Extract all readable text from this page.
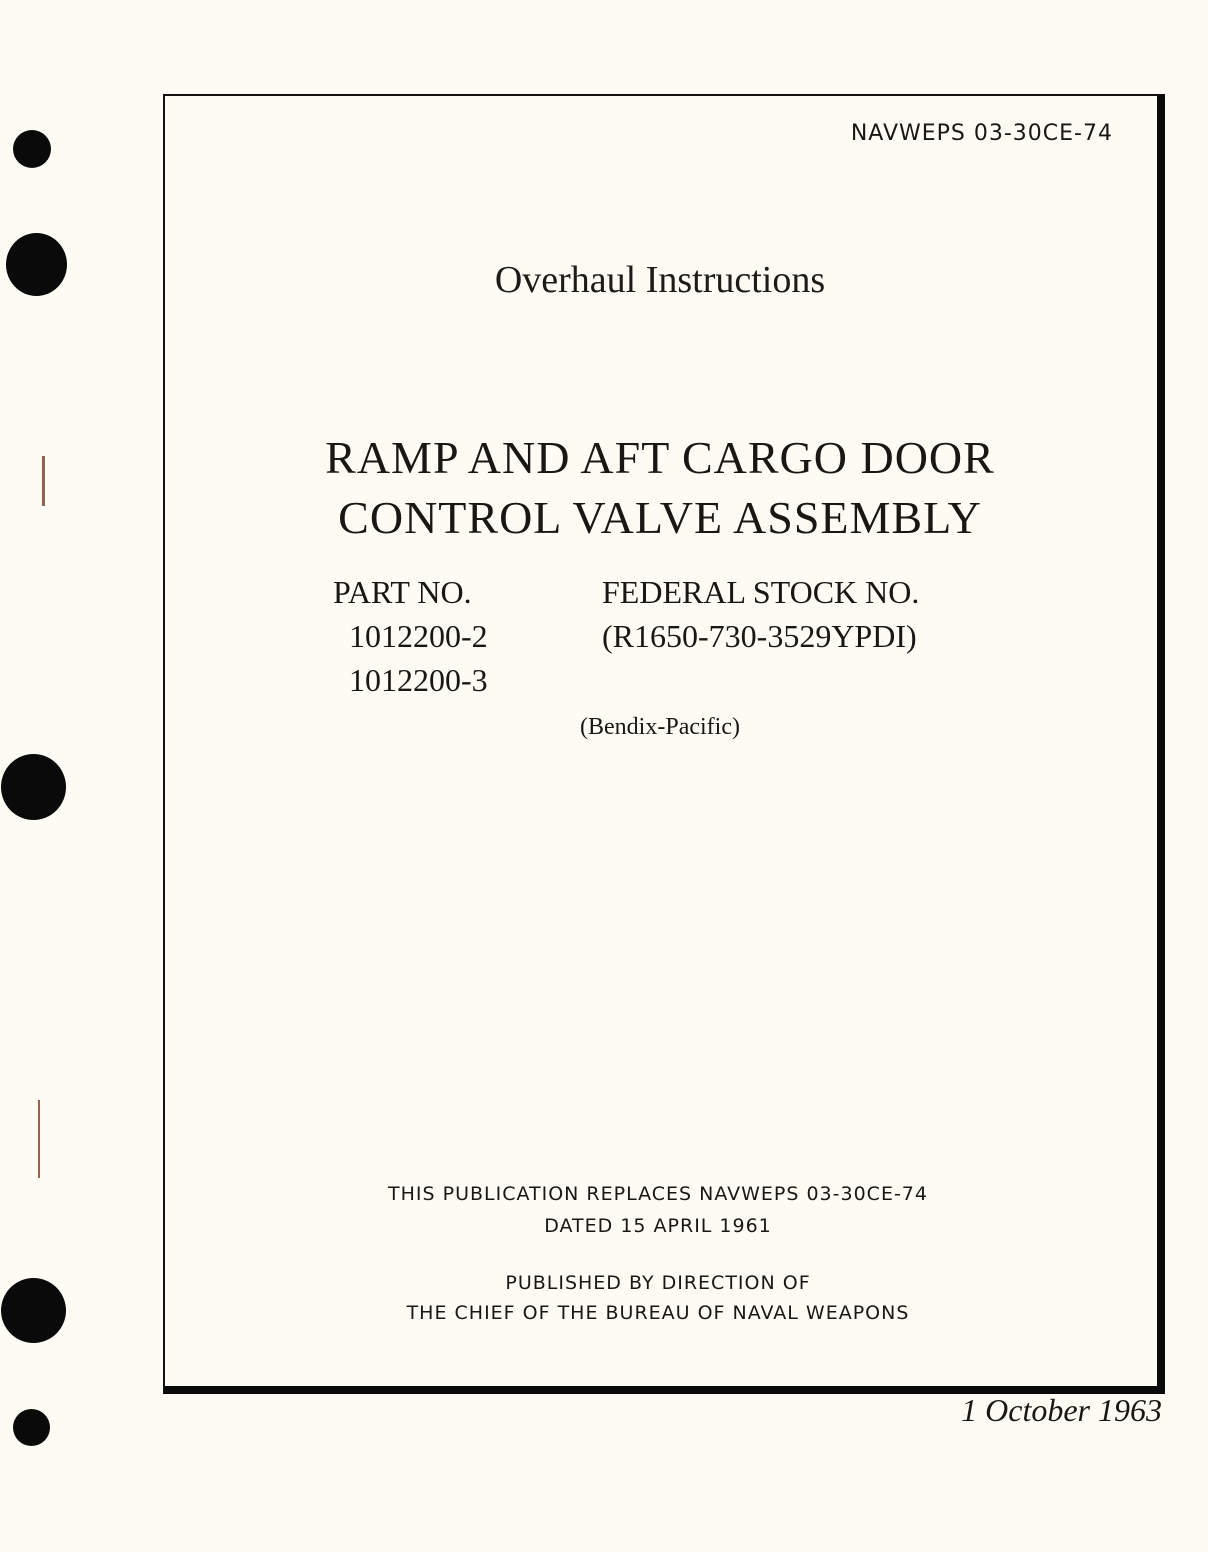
NAVWEPS 03-30CE-74
Overhaul Instructions
RAMP AND AFT CARGO DOOR
CONTROL VALVE ASSEMBLY
PART NO.
1012200-2
1012200-3
FEDERAL STOCK NO.
(R1650-730-3529YPDI)
(Bendix-Pacific)
THIS PUBLICATION REPLACES NAVWEPS 03-30CE-74
DATED 15 APRIL 1961
PUBLISHED BY DIRECTION OF
THE CHIEF OF THE BUREAU OF NAVAL WEAPONS
1 October 1963
